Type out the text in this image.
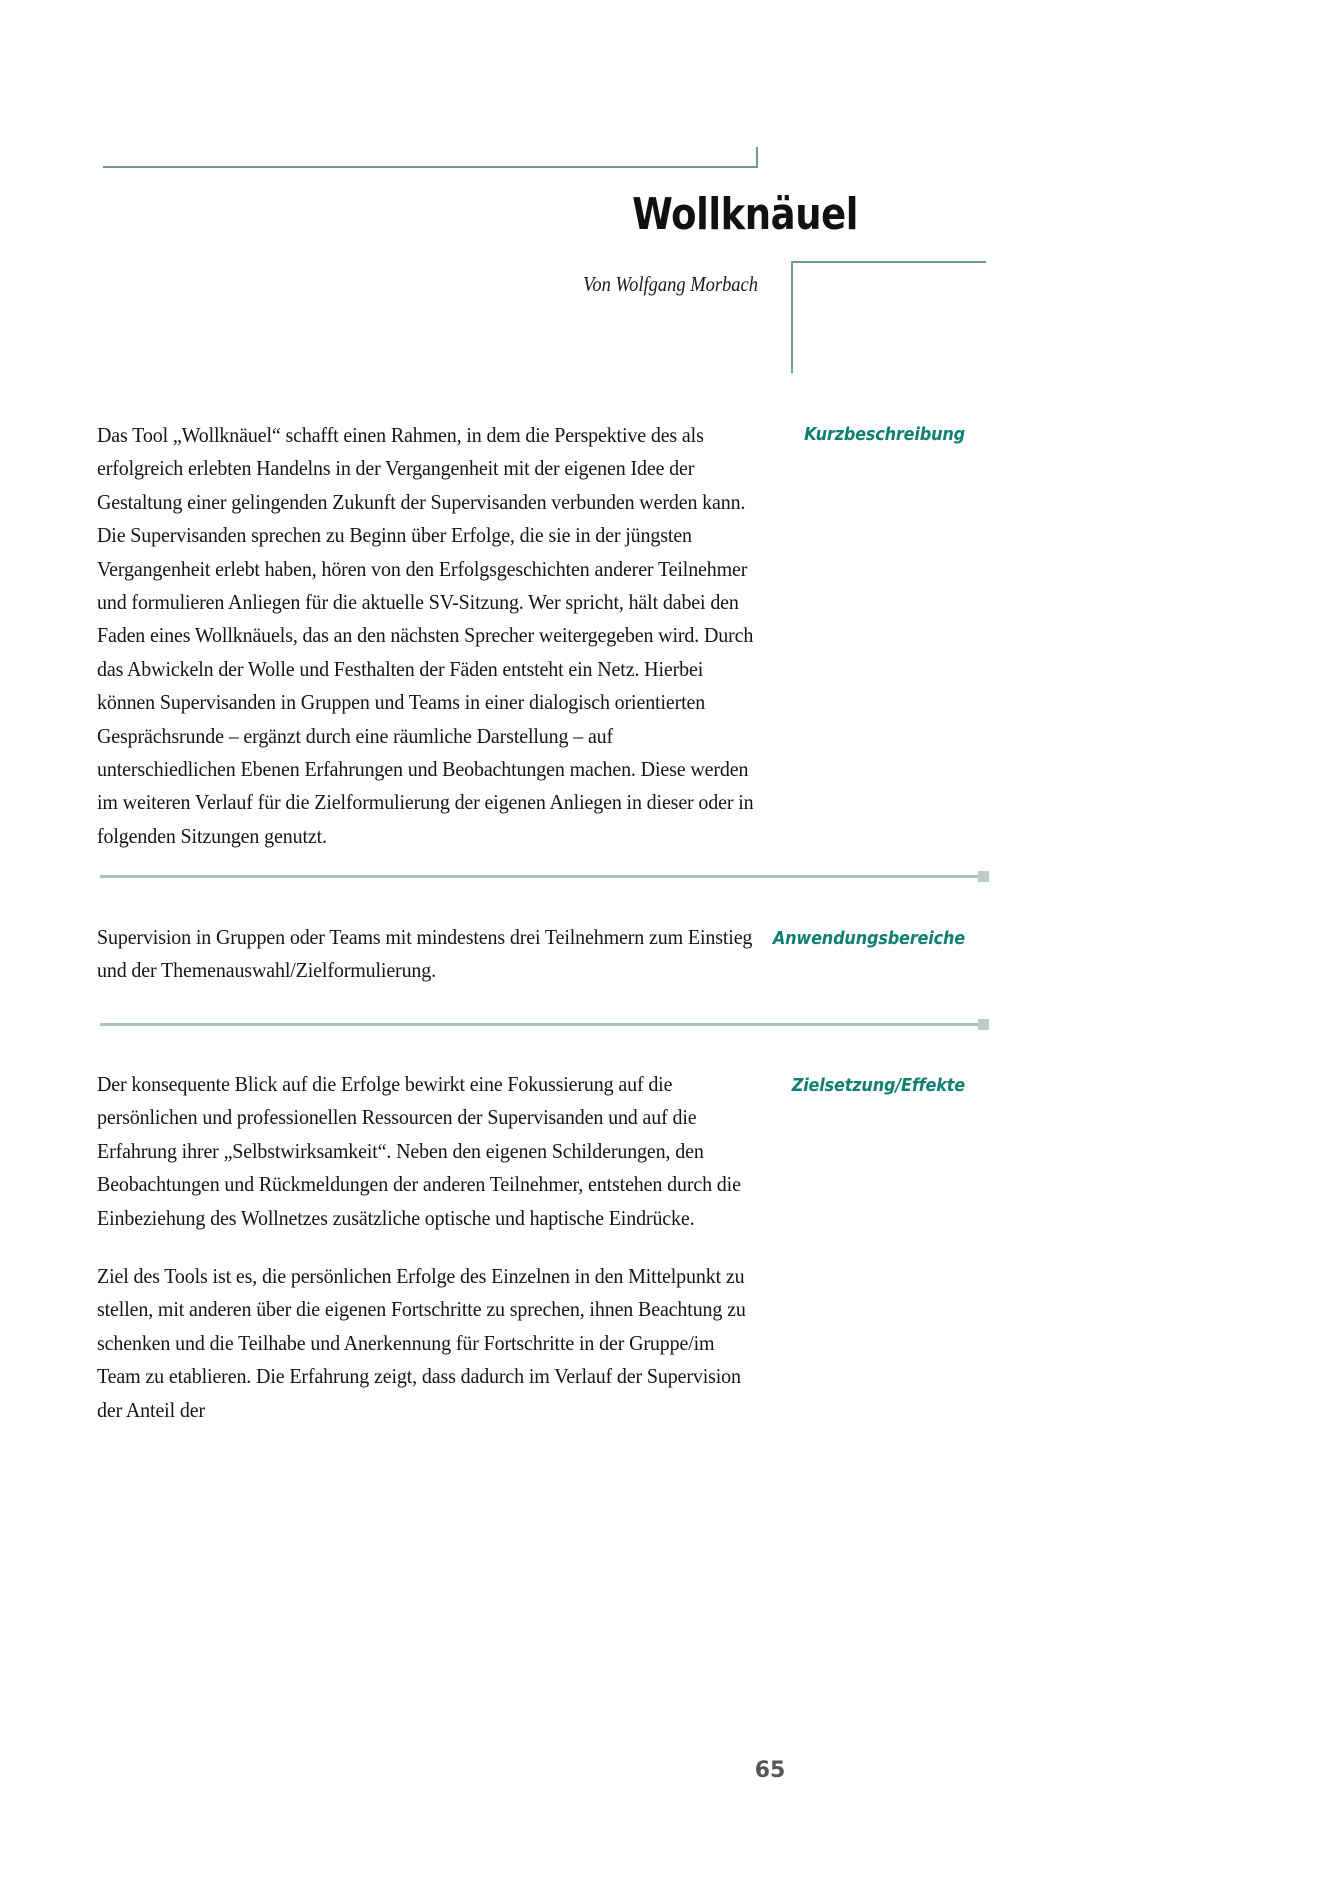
Wollknäuel
Von Wolfgang Morbach

Das Tool „Wollknäuel“ schafft einen Rahmen, in dem die Perspektive des als erfolgreich erlebten Handelns in der Vergangenheit mit der eigenen Idee der Gestaltung einer gelingenden Zukunft der Supervisanden verbunden werden kann. Die Supervisanden sprechen zu Beginn über Erfolge, die sie in der jüngsten Vergangenheit erlebt haben, hören von den Erfolgsgeschichten anderer Teilnehmer und formulieren Anliegen für die aktuelle SV-Sitzung. Wer spricht, hält dabei den Faden eines Wollknäuels, das an den nächsten Sprecher weitergegeben wird. Durch das Abwickeln der Wolle und Festhalten der Fäden entsteht ein Netz. Hierbei können Supervisanden in Gruppen und Teams in einer dialogisch orientierten Gesprächsrunde – ergänzt durch eine räumliche Darstellung – auf unterschiedlichen Ebenen Erfahrungen und Beobachtungen machen. Diese werden im weiteren Verlauf für die Zielformulierung der eigenen Anliegen in dieser oder in folgenden Sitzungen genutzt.

Kurzbeschreibung

Supervision in Gruppen oder Teams mit mindestens drei Teilnehmern zum Einstieg und der Themenauswahl/Zielformulierung.

Anwendungsbereiche

Der konsequente Blick auf die Erfolge bewirkt eine Fokussierung auf die persönlichen und professionellen Ressourcen der Supervisanden und auf die Erfahrung ihrer „Selbstwirksamkeit“. Neben den eigenen Schilderungen, den Beobachtungen und Rückmeldungen der anderen Teilnehmer, entstehen durch die Einbeziehung des Wollnetzes zusätzliche optische und haptische Eindrücke.

Ziel des Tools ist es, die persönlichen Erfolge des Einzelnen in den Mittelpunkt zu stellen, mit anderen über die eigenen Fortschritte zu sprechen, ihnen Beachtung zu schenken und die Teilhabe und Anerkennung für Fortschritte in der Gruppe/im Team zu etablieren. Die Erfahrung zeigt, dass dadurch im Verlauf der Supervision der Anteil der

Zielsetzung/Effekte
65
